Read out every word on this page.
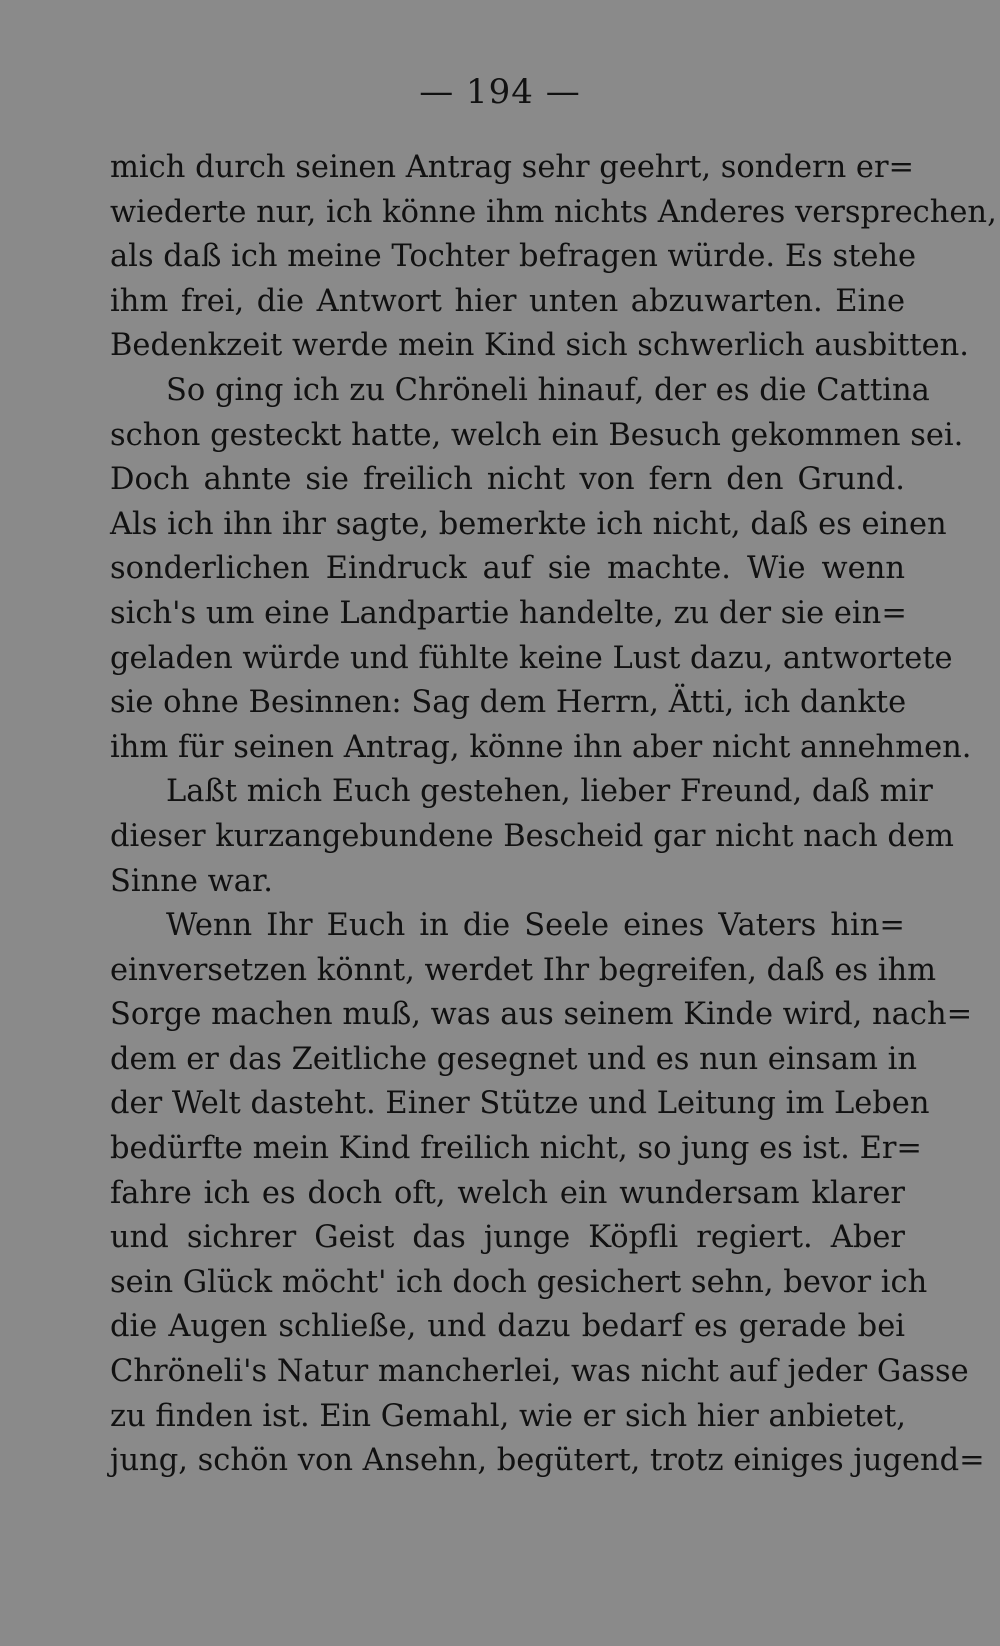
— 194 —
mich durch seinen Antrag sehr geehrt, sondern er=
wiederte nur, ich könne ihm nichts Anderes versprechen,
als daß ich meine Tochter befragen würde. Es stehe
ihm frei, die Antwort hier unten abzuwarten. Eine
Bedenkzeit werde mein Kind sich schwerlich ausbitten.
So ging ich zu Chröneli hinauf, der es die Cattina
schon gesteckt hatte, welch ein Besuch gekommen sei.
Doch ahnte sie freilich nicht von fern den Grund.
Als ich ihn ihr sagte, bemerkte ich nicht, daß es einen
sonderlichen Eindruck auf sie machte. Wie wenn
sich's um eine Landpartie handelte, zu der sie ein=
geladen würde und fühlte keine Lust dazu, antwortete
sie ohne Besinnen: Sag dem Herrn, Ätti, ich dankte
ihm für seinen Antrag, könne ihn aber nicht annehmen.
Laßt mich Euch gestehen, lieber Freund, daß mir
dieser kurzangebundene Bescheid gar nicht nach dem
Sinne war.
Wenn Ihr Euch in die Seele eines Vaters hin=
einversetzen könnt, werdet Ihr begreifen, daß es ihm
Sorge machen muß, was aus seinem Kinde wird, nach=
dem er das Zeitliche gesegnet und es nun einsam in
der Welt dasteht. Einer Stütze und Leitung im Leben
bedürfte mein Kind freilich nicht, so jung es ist. Er=
fahre ich es doch oft, welch ein wundersam klarer
und sichrer Geist das junge Köpfli regiert. Aber
sein Glück möcht' ich doch gesichert sehn, bevor ich
die Augen schließe, und dazu bedarf es gerade bei
Chröneli's Natur mancherlei, was nicht auf jeder Gasse
zu finden ist. Ein Gemahl, wie er sich hier anbietet,
jung, schön von Ansehn, begütert, trotz einiges jugend=
